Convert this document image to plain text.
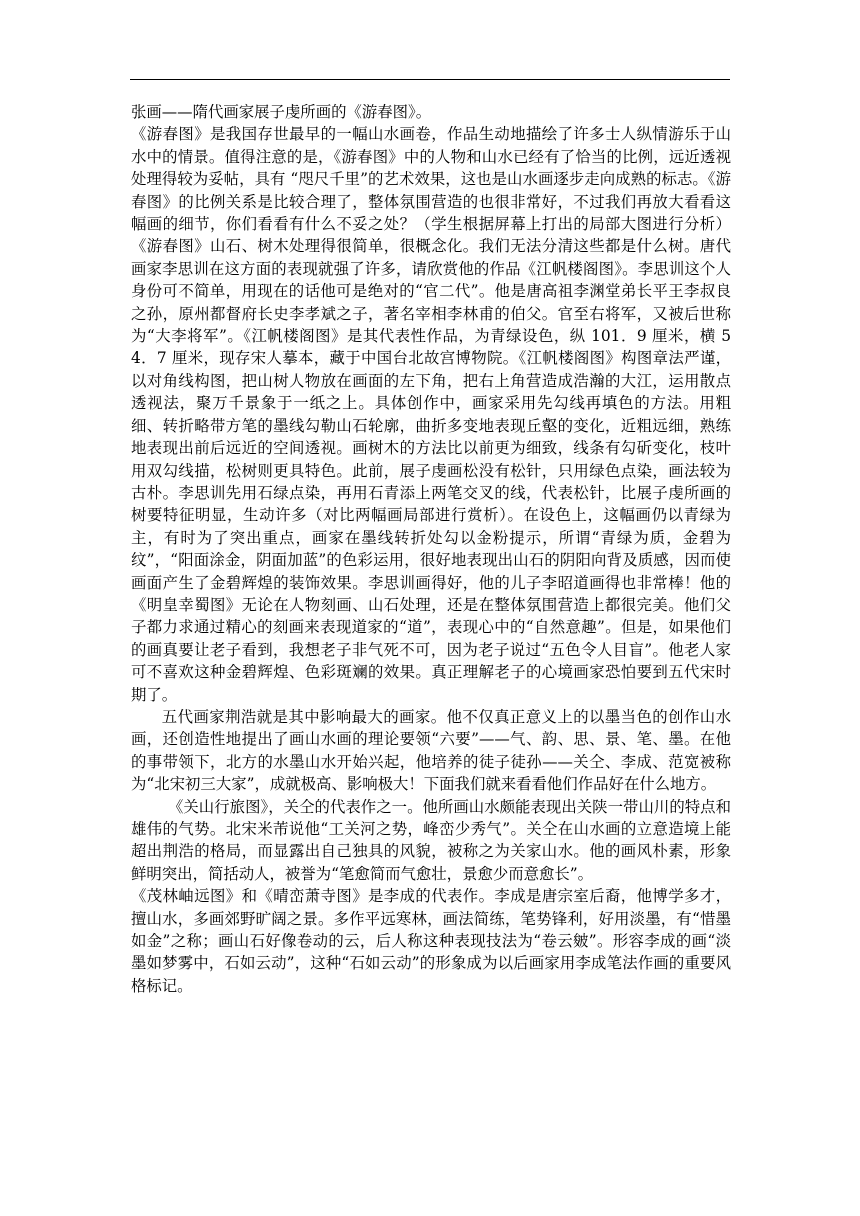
张画——隋代画家展子虔所画的《游春图》。

《游春图》是我国存世最早的一幅山水画卷，作品生动地描绘了许多士人纵情游乐于山水中的情景。值得注意的是，《游春图》中的人物和山水已经有了恰当的比例，远近透视处理得较为妥帖，具有 “咫尺千里”的艺术效果，这也是山水画逐步走向成熟的标志。《游春图》的比例关系是比较合理了，整体氛围营造的也很非常好，不过我们再放大看看这幅画的细节，你们看看有什么不妥之处？（学生根据屏幕上打出的局部大图进行分析）《游春图》山石、树木处理得很简单，很概念化。我们无法分清这些都是什么树。唐代画家李思训在这方面的表现就强了许多，请欣赏他的作品《江帆楼阁图》。李思训这个人身份可不简单，用现在的话他可是绝对的“官二代”。他是唐高祖李渊堂弟长平王李叔良之孙，原州都督府长史李孝斌之子，著名宰相李林甫的伯父。官至右将军，又被后世称为“大李将军”。《江帆楼阁图》是其代表性作品，为青绿设色，纵 101．9 厘米，横 54．7 厘米，现存宋人摹本，藏于中国台北故宫博物院。《江帆楼阁图》构图章法严谨，以对角线构图，把山树人物放在画面的左下角，把右上角营造成浩瀚的大江，运用散点透视法，聚万千景象于一纸之上。具体创作中，画家采用先勾线再填色的方法。用粗细、转折略带方笔的墨线勾勒山石轮廓，曲折多变地表现丘壑的变化，近粗远细，熟练地表现出前后远近的空间透视。画树木的方法比以前更为细致，线条有勾斫变化，枝叶用双勾线描，松树则更具特色。此前，展子虔画松没有松针，只用绿色点染，画法较为古朴。李思训先用石绿点染，再用石青添上两笔交叉的线，代表松针，比展子虔所画的树要特征明显，生动许多（对比两幅画局部进行赏析）。在设色上，这幅画仍以青绿为主，有时为了突出重点，画家在墨线转折处勾以金粉提示，所谓“青绿为质，金碧为纹”，“阳面涂金，阴面加蓝”的色彩运用，很好地表现出山石的阴阳向背及质感，因而使画面产生了金碧辉煌的装饰效果。李思训画得好，他的儿子李昭道画得也非常棒！他的《明皇幸蜀图》无论在人物刻画、山石处理，还是在整体氛围营造上都很完美。他们父子都力求通过精心的刻画来表现道家的“道”，表现心中的“自然意趣”。但是，如果他们的画真要让老子看到，我想老子非气死不可，因为老子说过“五色令人目盲”。他老人家可不喜欢这种金碧辉煌、色彩斑斓的效果。真正理解老子的心境画家恐怕要到五代宋时期了。

五代画家荆浩就是其中影响最大的画家。他不仅真正意义上的以墨当色的创作山水画，还创造性地提出了画山水画的理论要领“六要”——气、韵、思、景、笔、墨。在他的事带领下，北方的水墨山水开始兴起，他培养的徒子徒孙——关仝、李成、范宽被称为“北宋初三大家”，成就极高、影响极大！下面我们就来看看他们作品好在什么地方。

《关山行旅图》，关仝的代表作之一。他所画山水颇能表现出关陕一带山川的特点和雄伟的气势。北宋米芾说他“工关河之势，峰峦少秀气”。关仝在山水画的立意造境上能超出荆浩的格局，而显露出自己独具的风貌，被称之为关家山水。他的画风朴素，形象鲜明突出，简括动人，被誉为“笔愈简而气愈壮，景愈少而意愈长”。

《茂林岫远图》和《晴峦萧寺图》是李成的代表作。李成是唐宗室后裔，他博学多才，擅山水，多画郊野旷阔之景。多作平远寒林，画法简练，笔势锋利，好用淡墨，有“惜墨如金”之称；画山石好像卷动的云，后人称这种表现技法为“卷云皴”。形容李成的画“淡墨如梦雾中，石如云动”，这种“石如云动”的形象成为以后画家用李成笔法作画的重要风格标记。
